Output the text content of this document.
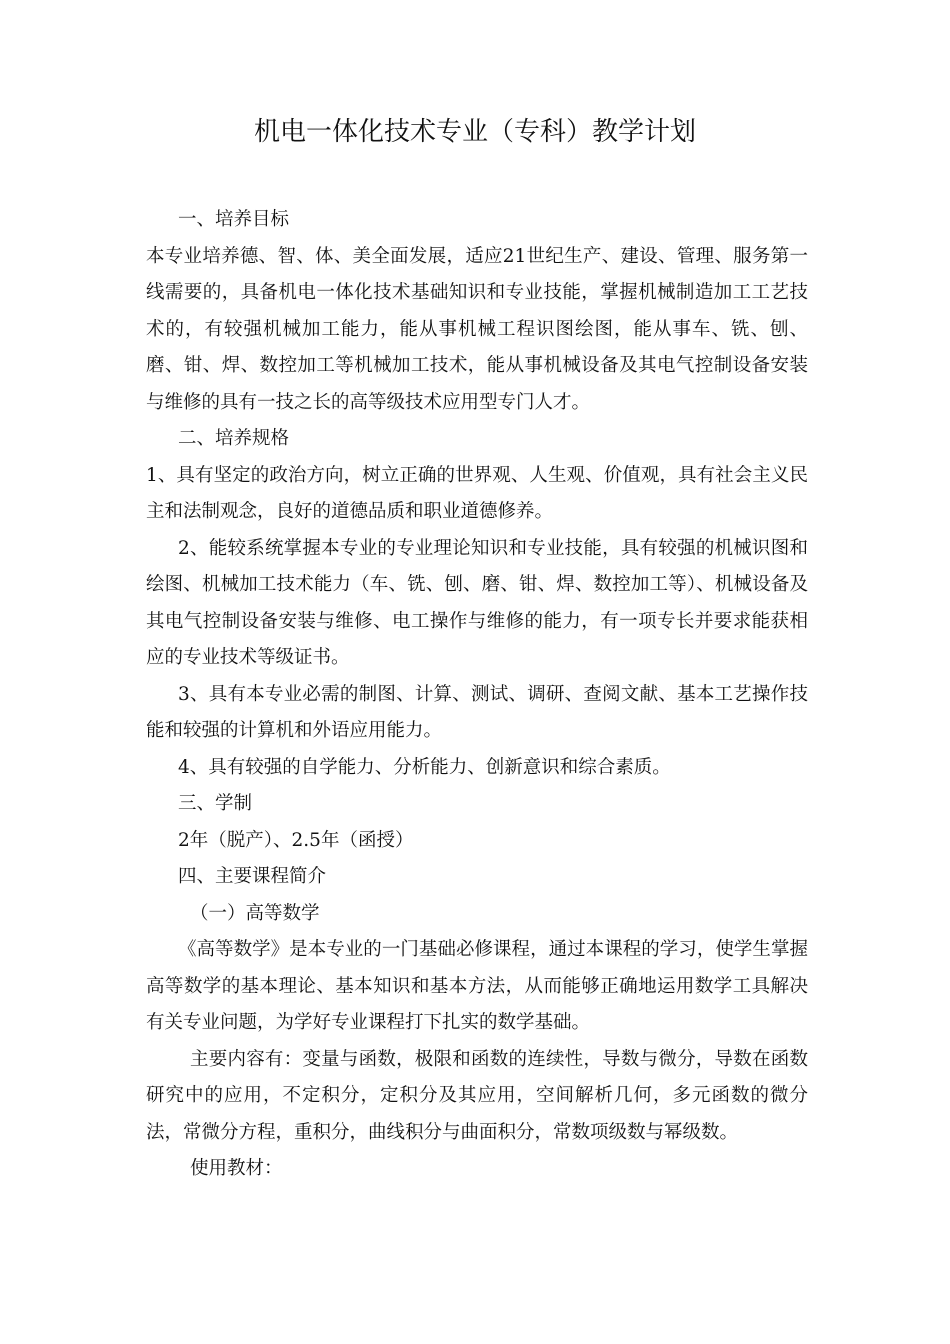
机电一体化技术专业（专科）教学计划

一、培养目标

本专业培养德、智、体、美全面发展，适应21世纪生产、建设、管理、服务第一线需要的，具备机电一体化技术基础知识和专业技能，掌握机械制造加工工艺技术的，有较强机械加工能力，能从事机械工程识图绘图，能从事车、铣、刨、磨、钳、焊、数控加工等机械加工技术，能从事机械设备及其电气控制设备安装与维修的具有一技之长的高等级技术应用型专门人才。

二、培养规格

1、具有坚定的政治方向，树立正确的世界观、人生观、价值观，具有社会主义民主和法制观念，良好的道德品质和职业道德修养。

2、能较系统掌握本专业的专业理论知识和专业技能，具有较强的机械识图和绘图、机械加工技术能力（车、铣、刨、磨、钳、焊、数控加工等）、机械设备及其电气控制设备安装与维修、电工操作与维修的能力，有一项专长并要求能获相应的专业技术等级证书。

3、具有本专业必需的制图、计算、测试、调研、查阅文献、基本工艺操作技能和较强的计算机和外语应用能力。

4、具有较强的自学能力、分析能力、创新意识和综合素质。

三、学制

2年（脱产）、2.5年（函授）

四、主要课程简介

（一）高等数学

《高等数学》是本专业的一门基础必修课程，通过本课程的学习，使学生掌握高等数学的基本理论、基本知识和基本方法，从而能够正确地运用数学工具解决有关专业问题，为学好专业课程打下扎实的数学基础。

主要内容有：变量与函数，极限和函数的连续性，导数与微分，导数在函数研究中的应用，不定积分，定积分及其应用，空间解析几何，多元函数的微分法，常微分方程，重积分，曲线积分与曲面积分，常数项级数与幂级数。

使用教材：
